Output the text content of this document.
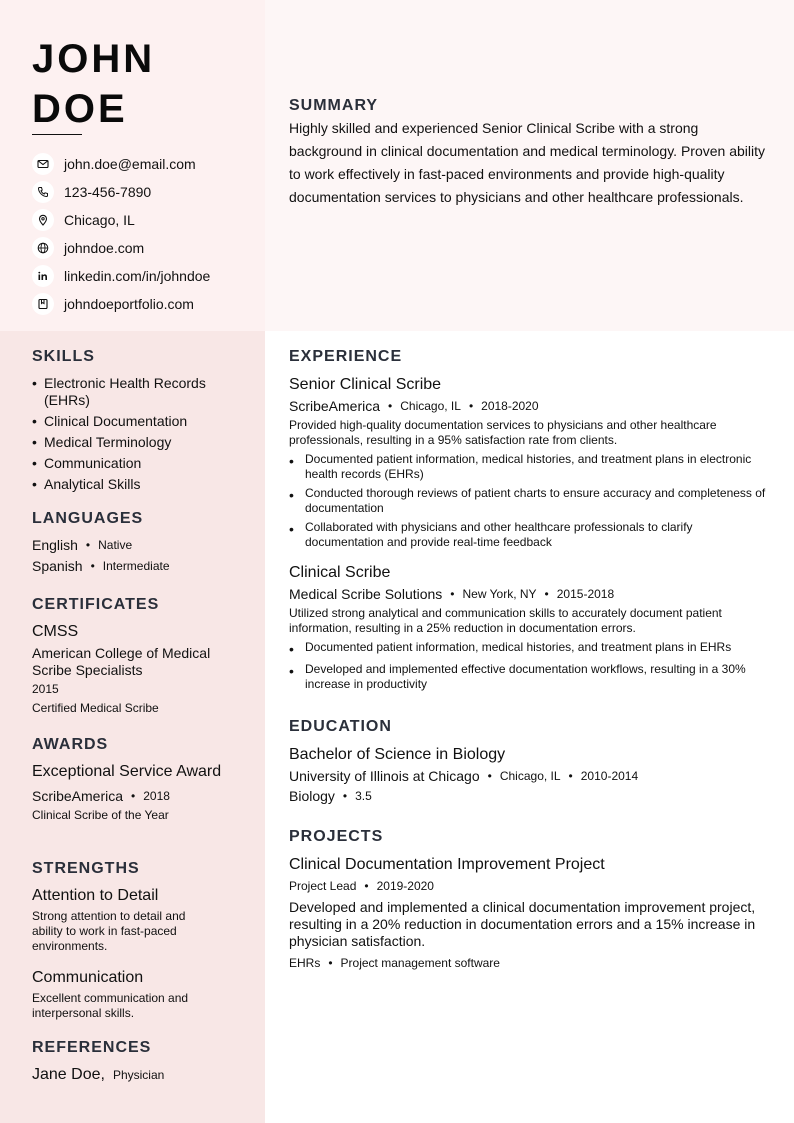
JOHN
DOE
john.doe@email.com
123-456-7890
Chicago, IL
johndoe.com
linkedin.com/in/johndoe
johndoeportfolio.com
SUMMARY
Highly skilled and experienced Senior Clinical Scribe with a strong background in clinical documentation and medical terminology. Proven ability to work effectively in fast-paced environments and provide high-quality documentation services to physicians and other healthcare professionals.
SKILLS
• Electronic Health Records (EHRs)
• Clinical Documentation
• Medical Terminology
• Communication
• Analytical Skills
LANGUAGES
English • Native
Spanish • Intermediate
CERTIFICATES
CMSS
American College of Medical Scribe Specialists
2015
Certified Medical Scribe
AWARDS
Exceptional Service Award
ScribeAmerica • 2018
Clinical Scribe of the Year
STRENGTHS
Attention to Detail
Strong attention to detail and ability to work in fast-paced environments.
Communication
Excellent communication and interpersonal skills.
REFERENCES
Jane Doe, Physician
EXPERIENCE
Senior Clinical Scribe
ScribeAmerica • Chicago, IL • 2018-2020
Provided high-quality documentation services to physicians and other healthcare professionals, resulting in a 95% satisfaction rate from clients.
• Documented patient information, medical histories, and treatment plans in electronic health records (EHRs)
• Conducted thorough reviews of patient charts to ensure accuracy and completeness of documentation
• Collaborated with physicians and other healthcare professionals to clarify documentation and provide real-time feedback
Clinical Scribe
Medical Scribe Solutions • New York, NY • 2015-2018
Utilized strong analytical and communication skills to accurately document patient information, resulting in a 25% reduction in documentation errors.
• Documented patient information, medical histories, and treatment plans in EHRs
• Developed and implemented effective documentation workflows, resulting in a 30% increase in productivity
EDUCATION
Bachelor of Science in Biology
University of Illinois at Chicago • Chicago, IL • 2010-2014
Biology • 3.5
PROJECTS
Clinical Documentation Improvement Project
Project Lead • 2019-2020
Developed and implemented a clinical documentation improvement project, resulting in a 20% reduction in documentation errors and a 15% increase in physician satisfaction.
EHRs • Project management software
